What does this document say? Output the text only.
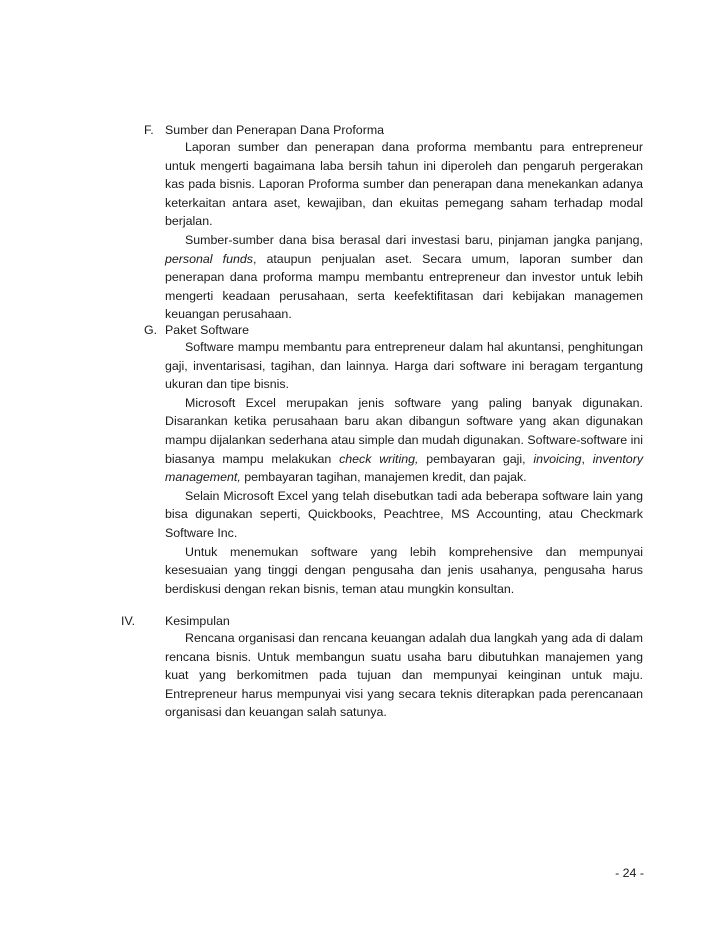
F. Sumber dan Penerapan Dana Proforma

Laporan sumber dan penerapan dana proforma membantu para entrepreneur untuk mengerti bagaimana laba bersih tahun ini diperoleh dan pengaruh pergerakan kas pada bisnis. Laporan Proforma sumber dan penerapan dana menekankan adanya keterkaitan antara aset, kewajiban, dan ekuitas pemegang saham terhadap modal berjalan.

Sumber-sumber dana bisa berasal dari investasi baru, pinjaman jangka panjang, personal funds, ataupun penjualan aset. Secara umum, laporan sumber dan penerapan dana proforma mampu membantu entrepreneur dan investor untuk lebih mengerti keadaan perusahaan, serta keefektifitasan dari kebijakan managemen keuangan perusahaan.

G. Paket Software

Software mampu membantu para entrepreneur dalam hal akuntansi, penghitungan gaji, inventarisasi, tagihan, dan lainnya. Harga dari software ini beragam tergantung ukuran dan tipe bisnis.

Microsoft Excel merupakan jenis software yang paling banyak digunakan. Disarankan ketika perusahaan baru akan dibangun software yang akan digunakan mampu dijalankan sederhana atau simple dan mudah digunakan. Software-software ini biasanya mampu melakukan check writing, pembayaran gaji, invoicing, inventory management, pembayaran tagihan, manajemen kredit, dan pajak.

Selain Microsoft Excel yang telah disebutkan tadi ada beberapa software lain yang bisa digunakan seperti, Quickbooks, Peachtree, MS Accounting, atau Checkmark Software Inc.

Untuk menemukan software yang lebih komprehensive dan mempunyai kesesuaian yang tinggi dengan pengusaha dan jenis usahanya, pengusaha harus berdiskusi dengan rekan bisnis, teman atau mungkin konsultan.

IV. Kesimpulan

Rencana organisasi dan rencana keuangan adalah dua langkah yang ada di dalam rencana bisnis. Untuk membangun suatu usaha baru dibutuhkan manajemen yang kuat yang berkomitmen pada tujuan dan mempunyai keinginan untuk maju. Entrepreneur harus mempunyai visi yang secara teknis diterapkan pada perencanaan organisasi dan keuangan salah satunya.

- 24 -
